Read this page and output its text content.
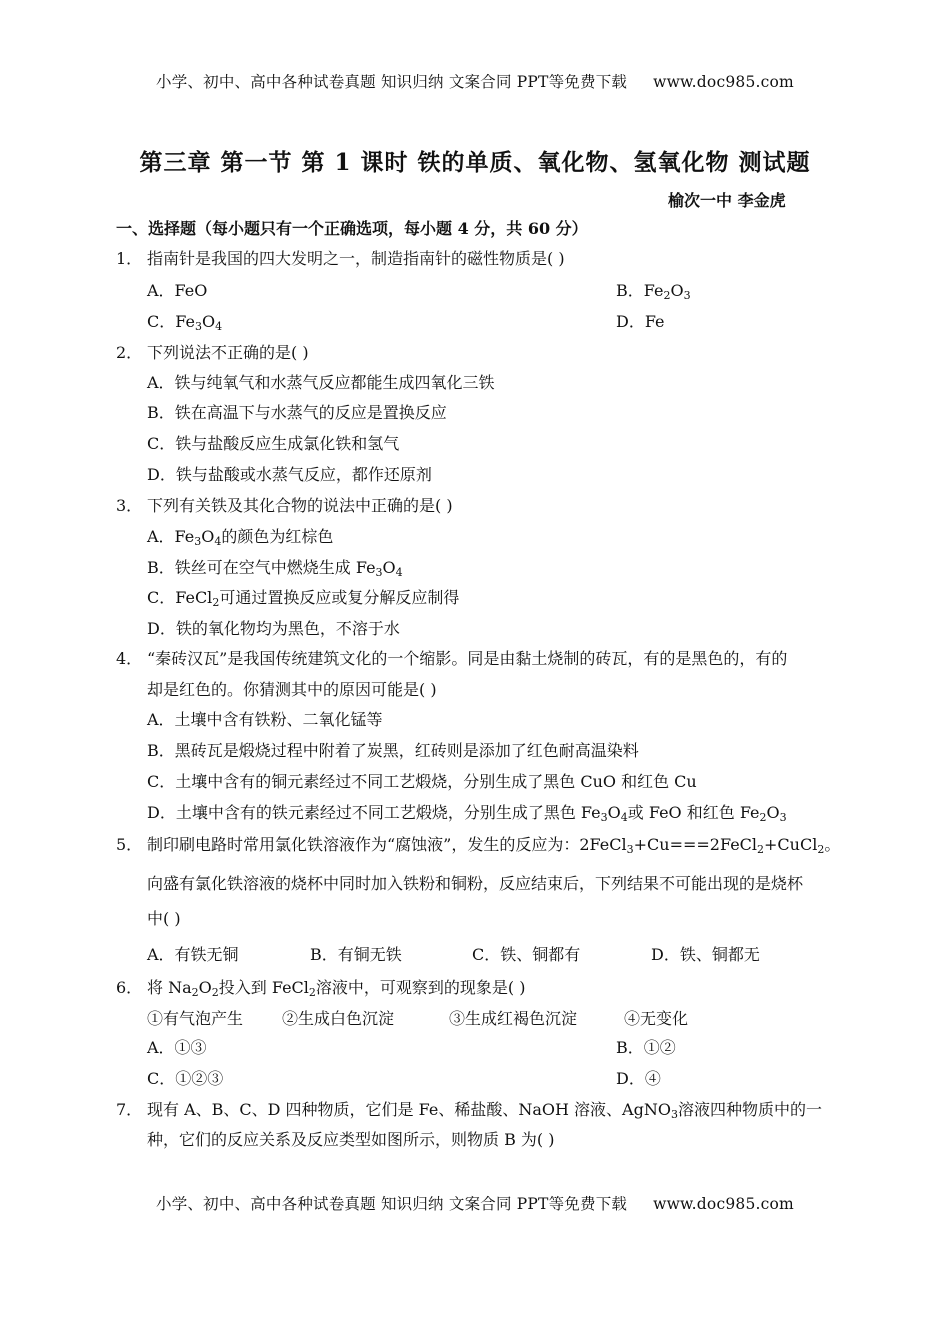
小学、初中、高中各种试卷真题 知识归纳 文案合同 PPT等免费下载 www.doc985.com
第三章 第一节 第 1 课时 铁的单质、氧化物、氢氧化物 测试题
榆次一中 李金虎
一、选择题（每小题只有一个正确选项，每小题 4 分，共 60 分）
1． 指南针是我国的四大发明之一，制造指南针的磁性物质是( )
A．FeO	B．$Fe_2O_3$
C．$Fe_3O_4$	D．Fe
2． 下列说法不正确的是( )
A．铁与纯氧气和水蒸气反应都能生成四氧化三铁
B．铁在高温下与水蒸气的反应是置换反应
C．铁与盐酸反应生成氯化铁和氢气
D．铁与盐酸或水蒸气反应，都作还原剂
3． 下列有关铁及其化合物的说法中正确的是( )
A．$Fe_3O_4$的颜色为红棕色
B．铁丝可在空气中燃烧生成 $Fe_3O_4$
C．FeCl$_2$可通过置换反应或复分解反应制得
D．铁的氧化物均为黑色，不溶于水
4． “秦砖汉瓦”是我国传统建筑文化的一个缩影。同是由黏土烧制的砖瓦，有的是黑色的，有的
却是红色的。你猜测其中的原因可能是( )
A．土壤中含有铁粉、二氧化锰等
B．黑砖瓦是煅烧过程中附着了炭黑，红砖则是添加了红色耐高温染料
C．土壤中含有的铜元素经过不同工艺煅烧，分别生成了黑色 CuO 和红色 Cu
D．土壤中含有的铁元素经过不同工艺煅烧，分别生成了黑色 $Fe_3O_4$或 FeO 和红色 $Fe_2O_3$
5． 制印刷电路时常用氯化铁溶液作为“腐蚀液”，发生的反应为：2FeCl$_3$+Cu===2FeCl$_2$+CuCl$_2$。
向盛有氯化铁溶液的烧杯中同时加入铁粉和铜粉，反应结束后，下列结果不可能出现的是烧杯
中( )
A．有铁无铜	B．有铜无铁	C．铁、铜都有	D．铁、铜都无
6． 将 $Na_2O_2$投入到 FeCl$_2$溶液中，可观察到的现象是( )
①有气泡产生 ②生成白色沉淀	③生成红褐色沉淀	④无变化
A．①③	B．①②
C．①②③	D．④
7． 现有 A、B、C、D 四种物质，它们是 Fe、稀盐酸、NaOH 溶液、AgNO$_3$溶液四种物质中的一
种，它们的反应关系及反应类型如图所示，则物质 B 为( )
小学、初中、高中各种试卷真题 知识归纳 文案合同 PPT等免费下载 www.doc985.com
